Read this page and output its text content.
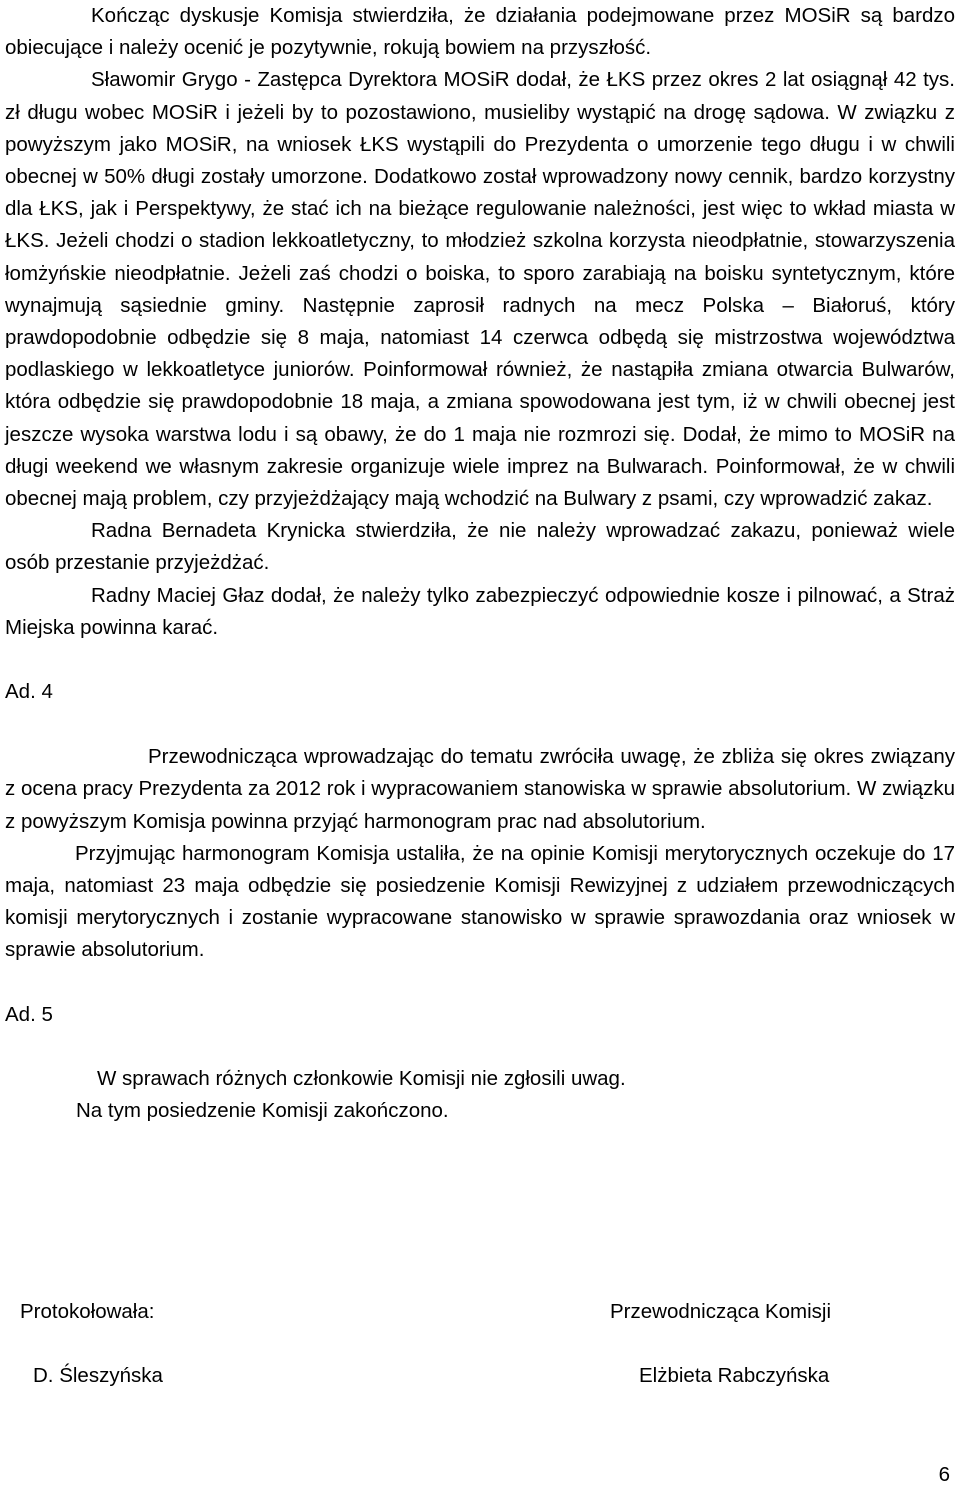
Kończąc dyskusje Komisja stwierdziła, że działania podejmowane przez MOSiR są bardzo obiecujące i należy ocenić je pozytywnie, rokują bowiem na przyszłość.

Sławomir Grygo - Zastępca Dyrektora MOSiR dodał, że ŁKS przez okres 2 lat osiągnął 42 tys. zł długu wobec MOSiR i jeżeli by to pozostawiono, musieliby wystąpić na drogę sądowa. W związku z powyższym jako MOSiR, na wniosek ŁKS wystąpili do Prezydenta o umorzenie tego długu i w chwili obecnej w 50% długi zostały umorzone. Dodatkowo został wprowadzony nowy cennik, bardzo korzystny dla ŁKS, jak i Perspektywy, że stać ich na bieżące regulowanie należności, jest więc to wkład miasta w ŁKS. Jeżeli chodzi o stadion lekkoatletyczny, to młodzież szkolna korzysta nieodpłatnie, stowarzyszenia łomżyńskie nieodpłatnie. Jeżeli zaś chodzi o boiska, to sporo zarabiają na boisku syntetycznym, które wynajmują sąsiednie gminy. Następnie zaprosił radnych na mecz Polska – Białoruś, który prawdopodobnie odbędzie się 8 maja, natomiast 14 czerwca odbędą się mistrzostwa województwa podlaskiego w lekkoatletyce juniorów. Poinformował również, że nastąpiła zmiana otwarcia Bulwarów, która odbędzie się prawdopodobnie 18 maja, a zmiana spowodowana jest tym, iż w chwili obecnej jest jeszcze wysoka warstwa lodu i są obawy, że do 1 maja nie rozmrozi się. Dodał, że mimo to MOSiR na długi weekend we własnym zakresie organizuje wiele imprez na Bulwarach. Poinformował, że w chwili obecnej mają problem, czy przyjeżdżający mają wchodzić na Bulwary z psami, czy wprowadzić zakaz.

Radna Bernadeta Krynicka stwierdziła, że nie należy wprowadzać zakazu, ponieważ wiele osób przestanie przyjeżdżać.

Radny Maciej Głaz dodał, że należy tylko zabezpieczyć odpowiednie kosze i pilnować, a Straż Miejska powinna karać.

Ad. 4

Przewodnicząca wprowadzając do tematu zwróciła uwagę, że zbliża się okres związany z ocena pracy Prezydenta za 2012 rok i wypracowaniem stanowiska w sprawie absolutorium. W związku z powyższym Komisja powinna przyjąć harmonogram prac nad absolutorium.

Przyjmując harmonogram Komisja ustaliła, że na opinie Komisji merytorycznych oczekuje do 17 maja, natomiast 23 maja odbędzie się posiedzenie Komisji Rewizyjnej z udziałem przewodniczących komisji merytorycznych i zostanie wypracowane stanowisko w sprawie sprawozdania oraz wniosek w sprawie absolutorium.

Ad. 5

W sprawach różnych członkowie Komisji nie zgłosili uwag.

Na tym posiedzenie Komisji zakończono.

Protokołowała:	Przewodnicząca Komisji
D. Śleszyńska	Elżbieta Rabczyńska
6
